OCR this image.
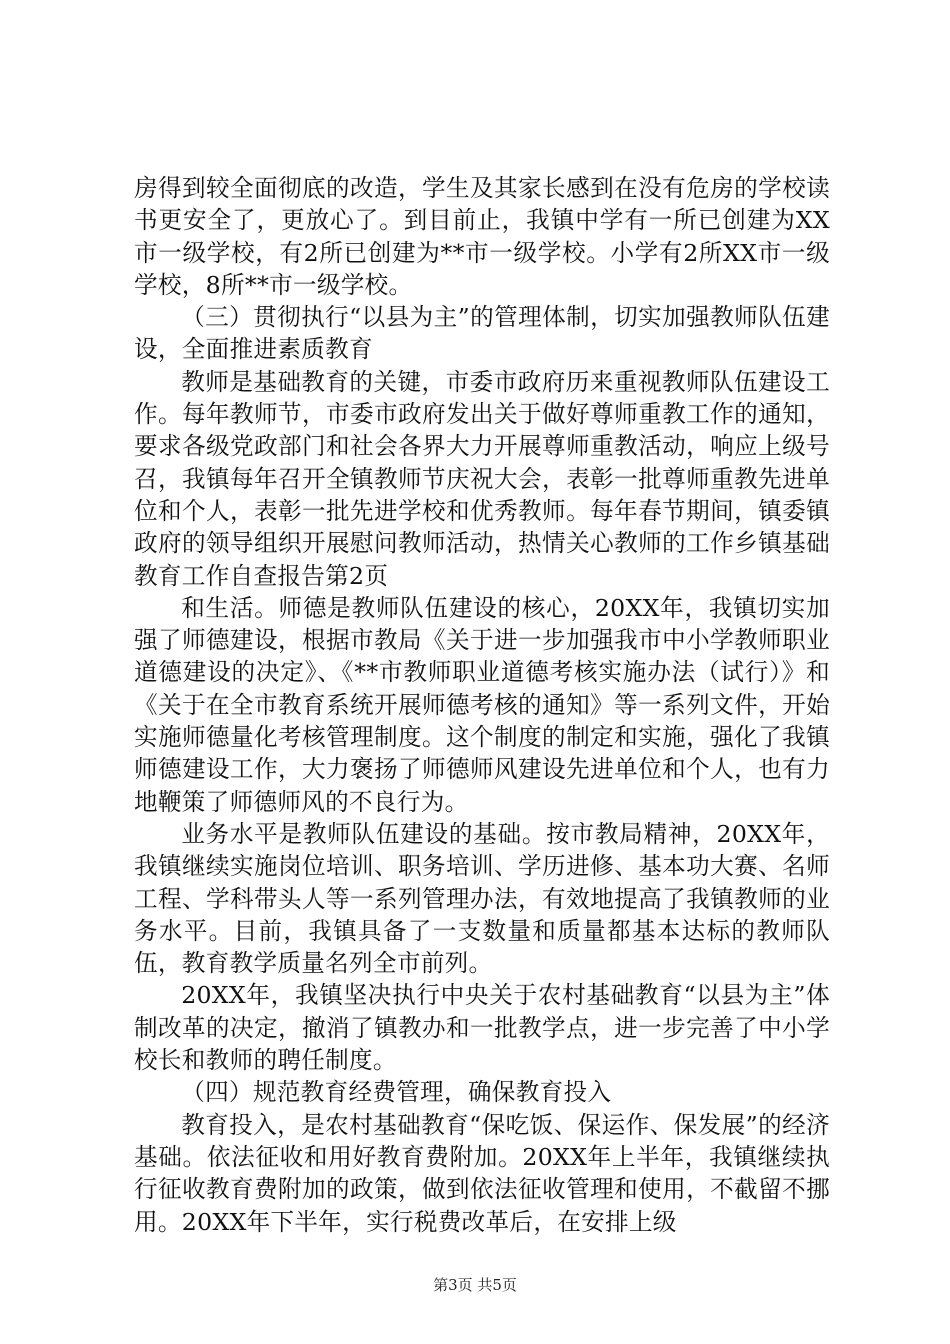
房得到较全面彻底的改造，学生及其家长感到在没有危房的学校读书更安全了，更放心了。到目前止，我镇中学有一所已创建为XX市一级学校，有2所已创建为**市一级学校。小学有2所XX市一级学校，8所**市一级学校。

（三）贯彻执行“以县为主”的管理体制，切实加强教师队伍建设，全面推进素质教育

教师是基础教育的关键，市委市政府历来重视教师队伍建设工作。每年教师节，市委市政府发出关于做好尊师重教工作的通知，要求各级党政部门和社会各界大力开展尊师重教活动，响应上级号召，我镇每年召开全镇教师节庆祝大会，表彰一批尊师重教先进单位和个人，表彰一批先进学校和优秀教师。每年春节期间，镇委镇政府的领导组织开展慰问教师活动，热情关心教师的工作乡镇基础教育工作自查报告第2页

和生活。师德是教师队伍建设的核心，20XX年，我镇切实加强了师德建设，根据市教局《关于进一步加强我市中小学教师职业道德建设的决定》、《**市教师职业道德考核实施办法（试行）》和《关于在全市教育系统开展师德考核的通知》等一系列文件，开始实施师德量化考核管理制度。这个制度的制定和实施，强化了我镇师德建设工作，大力褒扬了师德师风建设先进单位和个人，也有力地鞭策了师德师风的不良行为。

业务水平是教师队伍建设的基础。按市教局精神，20XX年，我镇继续实施岗位培训、职务培训、学历进修、基本功大赛、名师工程、学科带头人等一系列管理办法，有效地提高了我镇教师的业务水平。目前，我镇具备了一支数量和质量都基本达标的教师队伍，教育教学质量名列全市前列。

20XX年，我镇坚决执行中央关于农村基础教育“以县为主”体制改革的决定，撤消了镇教办和一批教学点，进一步完善了中小学校长和教师的聘任制度。

（四）规范教育经费管理，确保教育投入

教育投入，是农村基础教育“保吃饭、保运作、保发展”的经济基础。依法征收和用好教育费附加。20XX年上半年，我镇继续执行征收教育费附加的政策，做到依法征收管理和使用，不截留不挪用。20XX年下半年，实行税费改革后，在安排上级

第3页 共5页
